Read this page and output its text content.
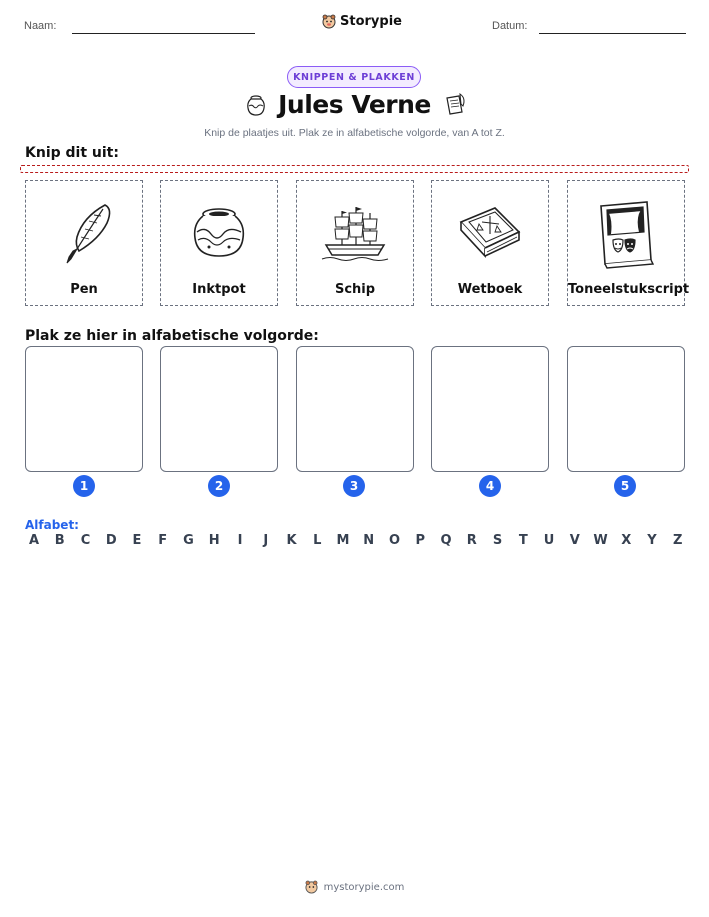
Naam:	Storypie	Datum:
KNIPPEN & PLAKKEN
Jules Verne
Knip de plaatjes uit. Plak ze in alfabetische volgorde, van A tot Z.
Knip dit uit:
Pen	Inktpot	Schip	Wetboek	Toneelstukscript
Plak ze hier in alfabetische volgorde:
1	2	3	4	5
Alfabet:
A B C D E F G H	I	J	K L M N O P Q R S T U V W X Y Z
mystorypie.com
